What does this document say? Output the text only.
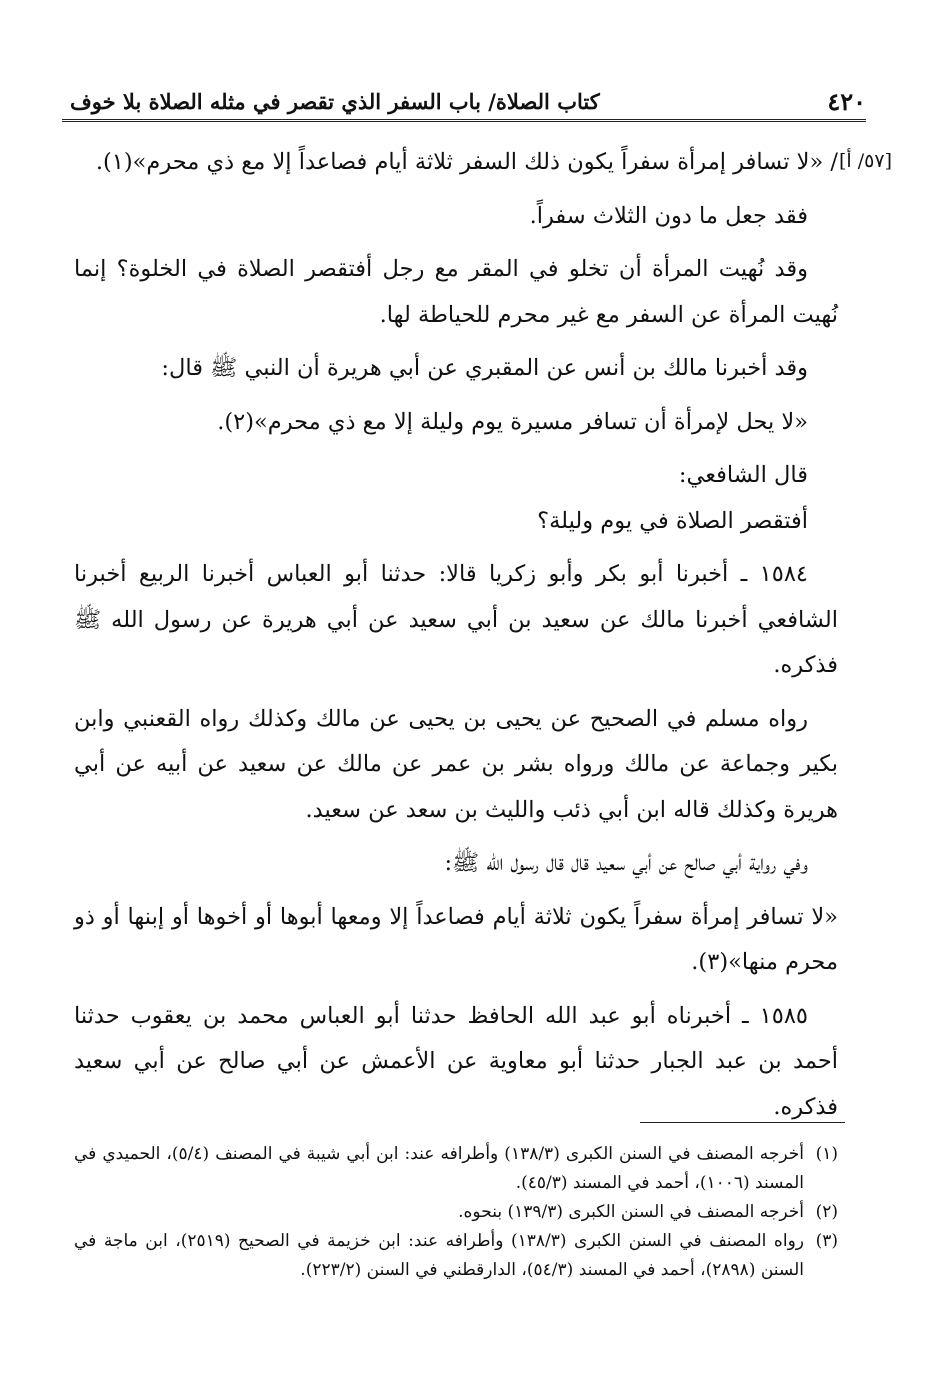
٤٢٠
كتاب الصلاة/ باب السفر الذي تقصر في مثله الصلاة بلا خوف
[٥٧/ أ]

/ «لا تسافر إمرأة سفراً يكون ذلك السفر ثلاثة أيام فصاعداً إلا مع ذي محرم»(١).

فقد جعل ما دون الثلاث سفراً.

وقد نُهيت المرأة أن تخلو في المقر مع رجل أفتقصر الصلاة في الخلوة؟ إنما نُهيت المرأة عن السفر مع غير محرم للحياطة لها.

وقد أخبرنا مالك بن أنس عن المقبري عن أبي هريرة أن النبي ﷺ قال:

«لا يحل لإمرأة أن تسافر مسيرة يوم وليلة إلا مع ذي محرم»(٢).

قال الشافعي:

أفتقصر الصلاة في يوم وليلة؟

١٥٨٤ ـ أخبرنا أبو بكر وأبو زكريا قالا: حدثنا أبو العباس أخبرنا الربيع أخبرنا الشافعي أخبرنا مالك عن سعيد بن أبي سعيد عن أبي هريرة عن رسول الله ﷺ فذكره.

رواه مسلم في الصحيح عن يحيى بن يحيى عن مالك وكذلك رواه القعنبي وابن بكير وجماعة عن مالك ورواه بشر بن عمر عن مالك عن سعيد عن أبيه عن أبي هريرة وكذلك قاله ابن أبي ذئب والليث بن سعد عن سعيد.

وفي رواية أبي صالح عن أبي سعيد قال قال رسول الله ﷺ:

«لا تسافر إمرأة سفراً يكون ثلاثة أيام فصاعداً إلا ومعها أبوها أو أخوها أو إبنها أو ذو محرم منها»(٣).

١٥٨٥ ـ أخبرناه أبو عبد الله الحافظ حدثنا أبو العباس محمد بن يعقوب حدثنا أحمد بن عبد الجبار حدثنا أبو معاوية عن الأعمش عن أبي صالح عن أبي سعيد فذكره.

(١)
أخرجه المصنف في السنن الكبرى (١٣٨/٣) وأطرافه عند: ابن أبي شيبة في المصنف (٥/٤)، الحميدي في المسند (١٠٠٦)، أحمد في المسند (٤٥/٣).

(٢)
أخرجه المصنف في السنن الكبرى (١٣٩/٣) بنحوه.

(٣)
رواه المصنف في السنن الكبرى (١٣٨/٣) وأطرافه عند: ابن خزيمة في الصحيح (٢٥١٩)، ابن ماجة في السنن (٢٨٩٨)، أحمد في المسند (٥٤/٣)، الدارقطني في السنن (٢٢٣/٢).
